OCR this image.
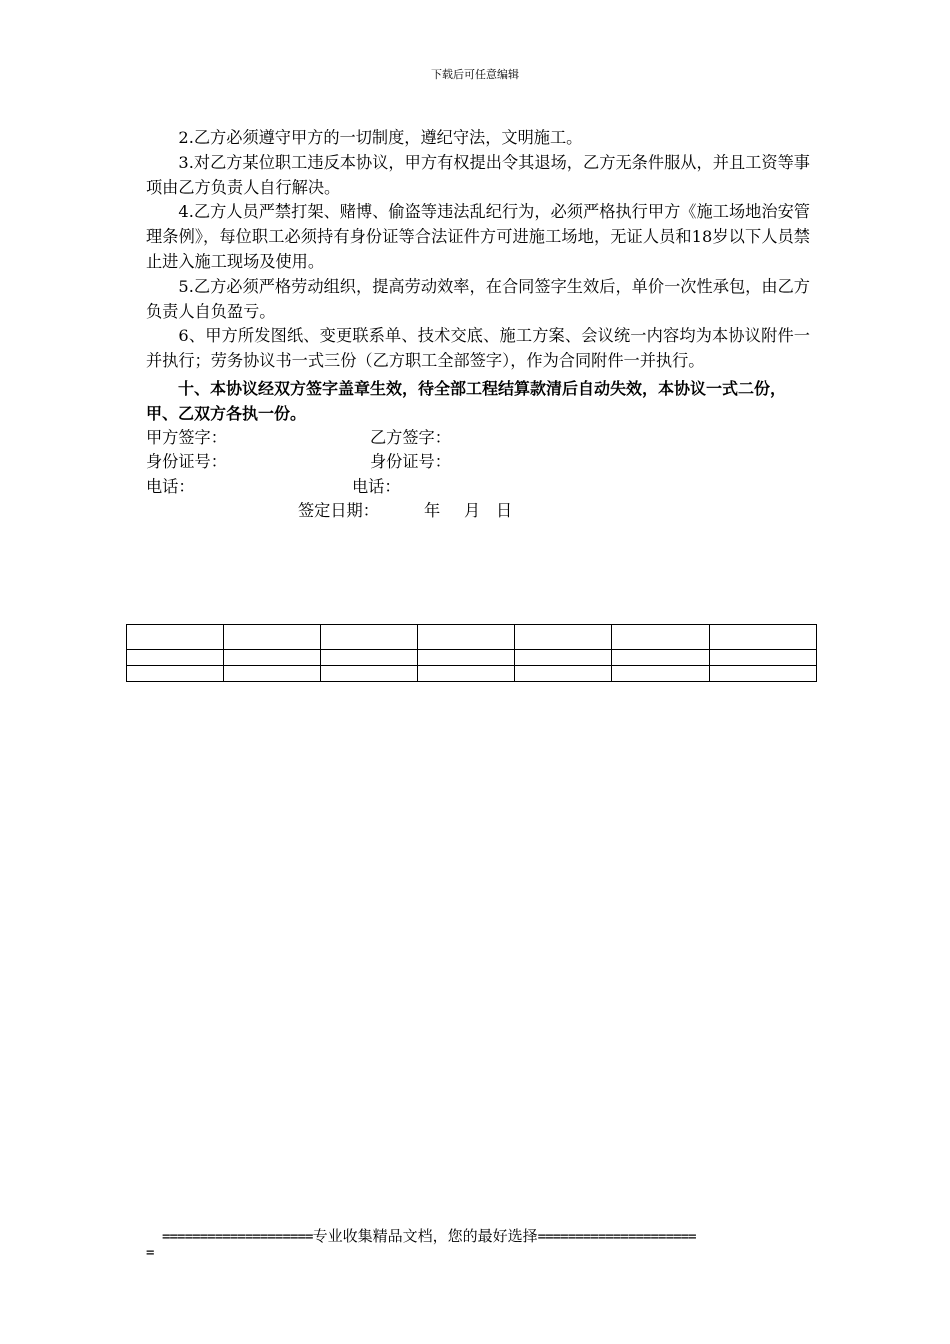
下载后可任意编辑

2.乙方必须遵守甲方的一切制度，遵纪守法，文明施工。

3.对乙方某位职工违反本协议，甲方有权提出令其退场，乙方无条件服从，并且工资等事项由乙方负责人自行解决。

4.乙方人员严禁打架、赌博、偷盗等违法乱纪行为，必须严格执行甲方《施工场地治安管理条例》，每位职工必须持有身份证等合法证件方可进施工场地，无证人员和18岁以下人员禁止进入施工现场及使用。

5.乙方必须严格劳动组织，提高劳动效率，在合同签字生效后，单价一次性承包，由乙方负责人自负盈亏。

6、甲方所发图纸、变更联系单、技术交底、施工方案、会议统一内容均为本协议附件一并执行；劳务协议书一式三份（乙方职工全部签字），作为合同附件一并执行。

十、本协议经双方签字盖章生效，待全部工程结算款清后自动失效，本协议一式二份，甲、乙双方各执一份。

甲方签字：	乙方签字：
身份证号：	身份证号：
电话：	电话：
签定日期：	年 月 日

====================专业收集精品文档，您的最好选择=====================
=
